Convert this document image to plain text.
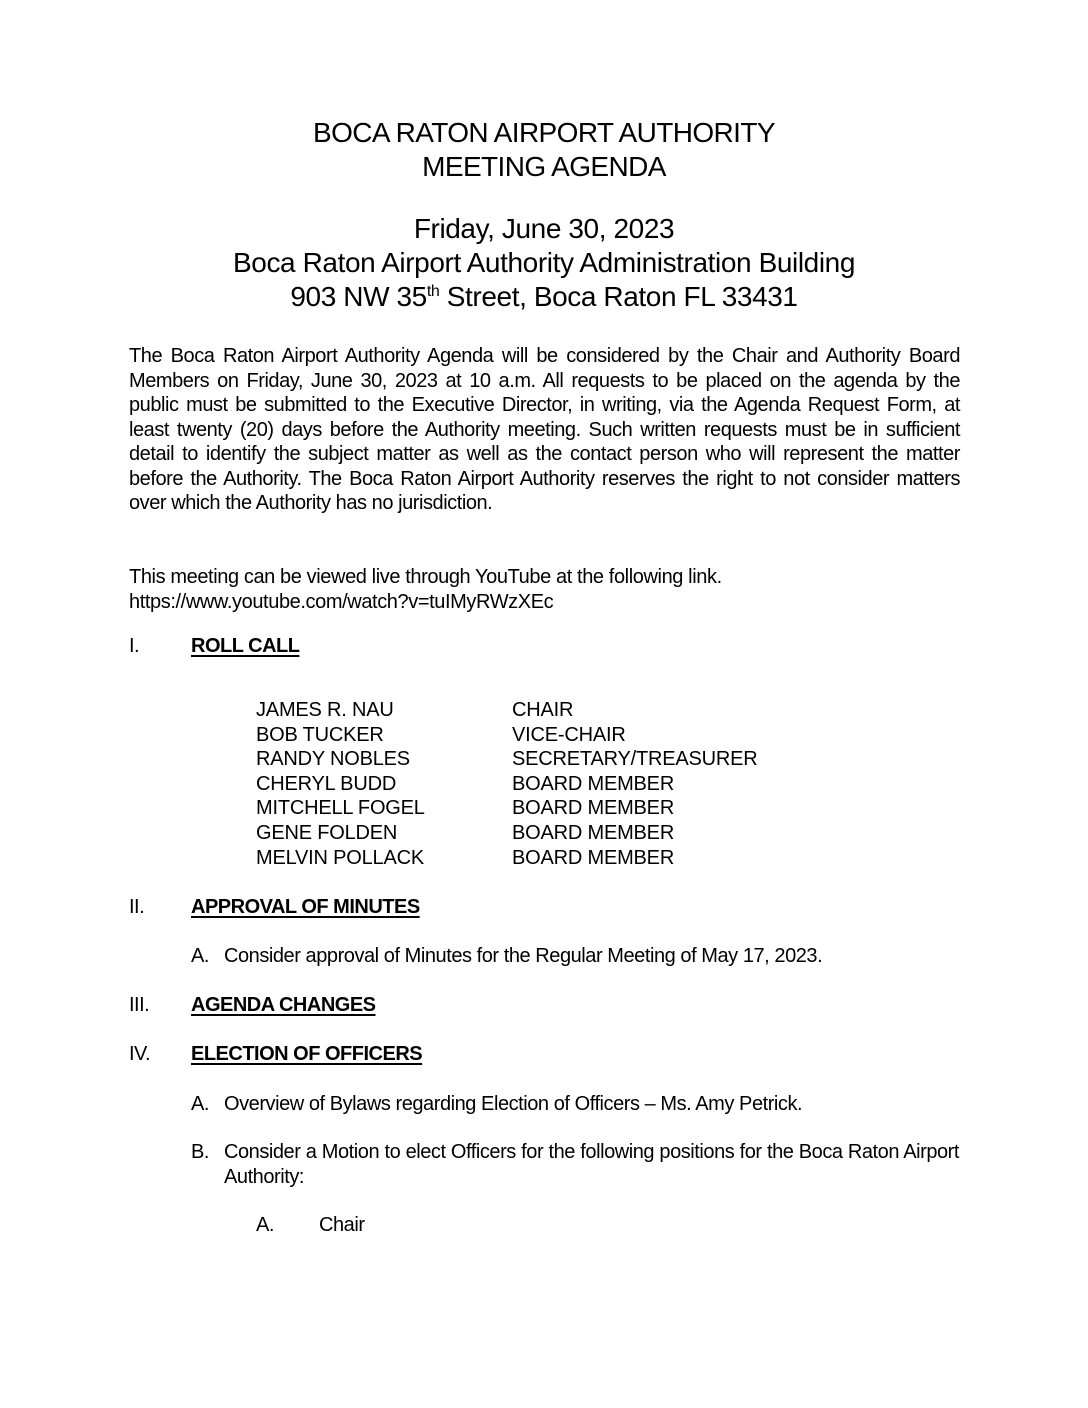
BOCA RATON AIRPORT AUTHORITY
MEETING AGENDA
Friday, June 30, 2023
Boca Raton Airport Authority Administration Building
903 NW 35th Street, Boca Raton FL 33431
The Boca Raton Airport Authority Agenda will be considered by the Chair and Authority Board Members on Friday, June 30, 2023 at 10 a.m. All requests to be placed on the agenda by the public must be submitted to the Executive Director, in writing, via the Agenda Request Form, at least twenty (20) days before the Authority meeting. Such written requests must be in sufficient detail to identify the subject matter as well as the contact person who will represent the matter before the Authority. The Boca Raton Airport Authority reserves the right to not consider matters over which the Authority has no jurisdiction.
This meeting can be viewed live through YouTube at the following link.
https://www.youtube.com/watch?v=tuIMyRWzXEc
I.	ROLL CALL
JAMES R. NAU	CHAIR
BOB TUCKER	VICE-CHAIR
RANDY NOBLES	SECRETARY/TREASURER
CHERYL BUDD	BOARD MEMBER
MITCHELL FOGEL	BOARD MEMBER
GENE FOLDEN	BOARD MEMBER
MELVIN POLLACK	BOARD MEMBER
II. APPROVAL OF MINUTES
A. Consider approval of Minutes for the Regular Meeting of May 17, 2023.
III. AGENDA CHANGES
IV. ELECTION OF OFFICERS
A. Overview of Bylaws regarding Election of Officers – Ms. Amy Petrick.
B. Consider a Motion to elect Officers for the following positions for the Boca Raton Airport Authority:
A. Chair
